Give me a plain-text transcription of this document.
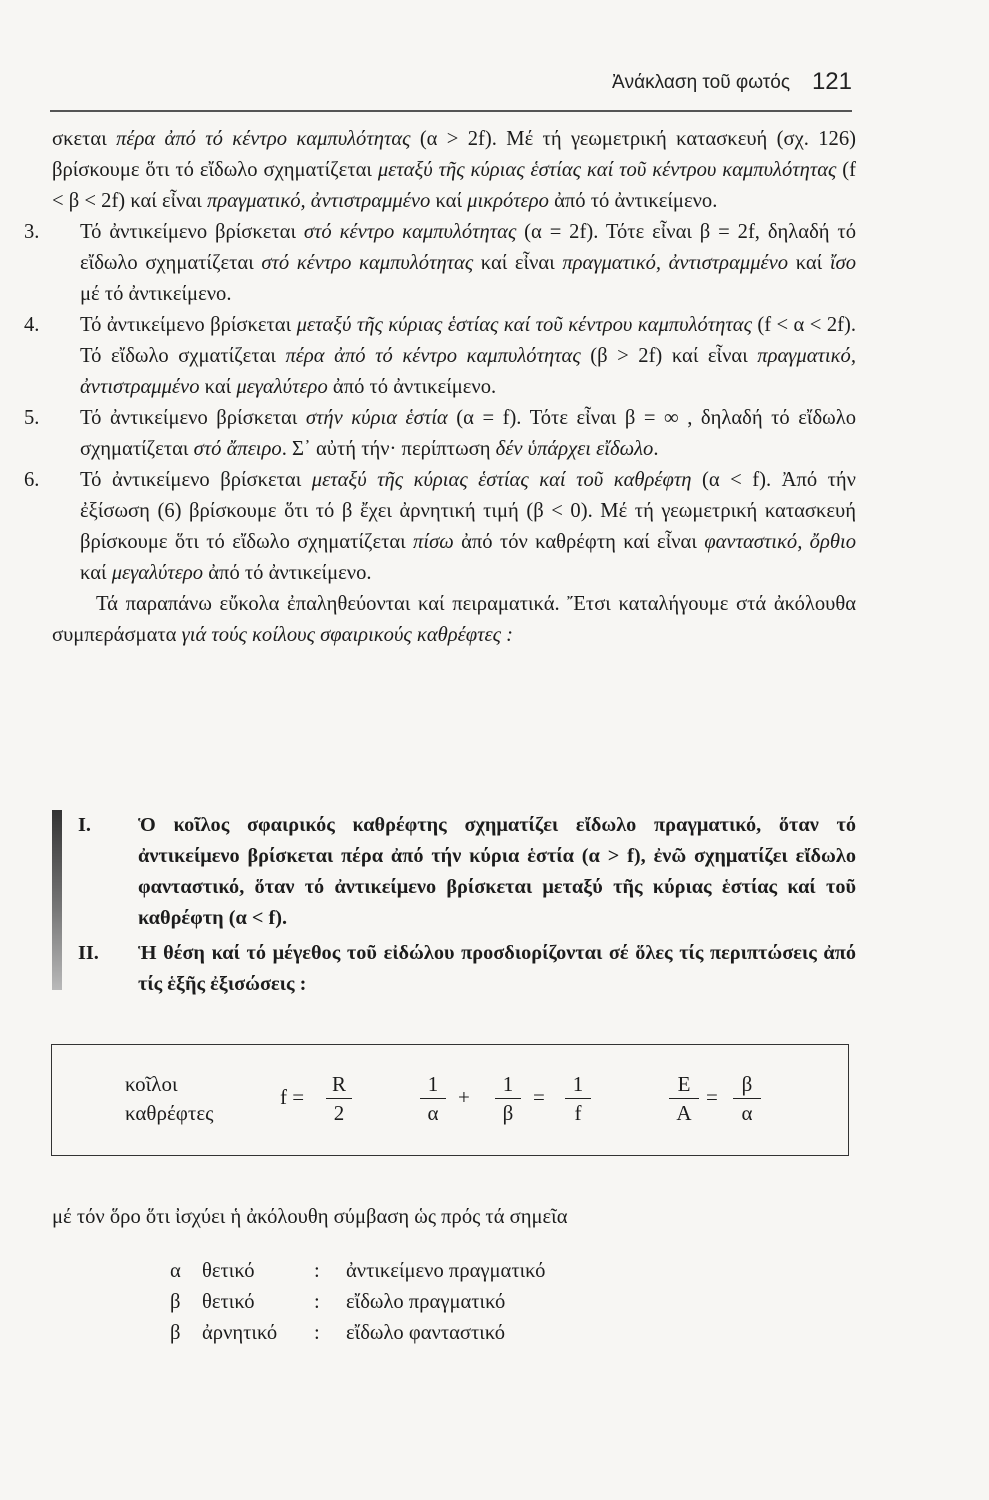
Ἀνάκλαση τοῦ φωτός 121
σκεται πέρα ἀπό τό κέντρο καμπυλότητας (α > 2f). Μέ τή γεωμετρική κατασκευή (σχ. 126) βρίσκουμε ὅτι τό εἴδωλο σχηματίζεται μεταξύ τῆς κύριας ἑστίας καί τοῦ κέντρου καμπυλότητας (f < β < 2f) καί εἶναι πραγματικό, ἀντιστραμμένο καί μικρότερο ἀπό τό ἀντικείμενο.
3. Τό ἀντικείμενο βρίσκεται στό κέντρο καμπυλότητας (α = 2f). Τότε εἶναι β = 2f, δηλαδή τό εἴδωλο σχηματίζεται στό κέντρο καμπυλότητας καί εἶναι πραγματικό, ἀντιστραμμένο καί ἴσο μέ τό ἀντικείμενο.
4. Τό ἀντικείμενο βρίσκεται μεταξύ τῆς κύριας ἑστίας καί τοῦ κέντρου καμπυλότητας (f < α < 2f). Τό εἴδωλο σχματίζεται πέρα ἀπό τό κέντρο καμπυλότητας (β > 2f) καί εἶναι πραγματικό, ἀντιστραμμένο καί μεγαλύτερο ἀπό τό ἀντικείμενο.
5. Τό ἀντικείμενο βρίσκεται στήν κύρια ἑστία (α = f). Τότε εἶναι β = ∞ , δηλαδή τό εἴδωλο σχηματίζεται στό ἄπειρο. Σ᾽ αὐτή τήν· περίπτωση δέν ὑπάρχει εἴδωλο.
6. Τό ἀντικείμενο βρίσκεται μεταξύ τῆς κύριας ἑστίας καί τοῦ καθρέφτη (α < f). Ἀπό τήν ἐξίσωση (6) βρίσκουμε ὅτι τό β ἔχει ἀρνητική τιμή (β < 0). Μέ τή γεωμετρική κατασκευή βρίσκουμε ὅτι τό εἴδωλο σχηματίζεται πίσω ἀπό τόν καθρέφτη καί εἶναι φανταστικό, ὄρθιο καί μεγαλύτερο ἀπό τό ἀντικείμενο.
Τά παραπάνω εὔκολα ἐπαληθεύονται καί πειραματικά. Ἔτσι καταλήγουμε στά ἀκόλουθα συμπεράσματα γιά τούς κοίλους σφαιρικούς καθρέφτες :
I. Ὁ κοῖλος σφαιρικός καθρέφτης σχηματίζει εἴδωλο πραγματικό, ὅταν τό ἀντικείμενο βρίσκεται πέρα ἀπό τήν κύρια ἑστία (α > f), ἐνῶ σχηματίζει εἴδωλο φανταστικό, ὅταν τό ἀντικείμενο βρίσκεται μεταξύ τῆς κύριας ἑστίας καί τοῦ καθρέφτη (α < f).
II. Ἡ θέση καί τό μέγεθος τοῦ εἰδώλου προσδιορίζονται σέ ὅλες τίς περιπτώσεις ἀπό τίς ἑξῆς ἐξισώσεις :
κοῖλοι
καθρέφτες
$f = \frac{R}{2}$	$\frac{1}{\alpha} + \frac{1}{\beta} = \frac{1}{f}$	$\frac{E}{A} = \frac{\beta}{\alpha}$
μέ τόν ὅρο ὅτι ἰσχύει ἡ ἀκόλουθη σύμβαση ὡς πρός τά σημεῖα
α	θετικό	:	ἀντικείμενο πραγματικό
β	θετικό	:	εἴδωλο πραγματικό
β	ἀρνητικό	:	εἴδωλο φανταστικό
